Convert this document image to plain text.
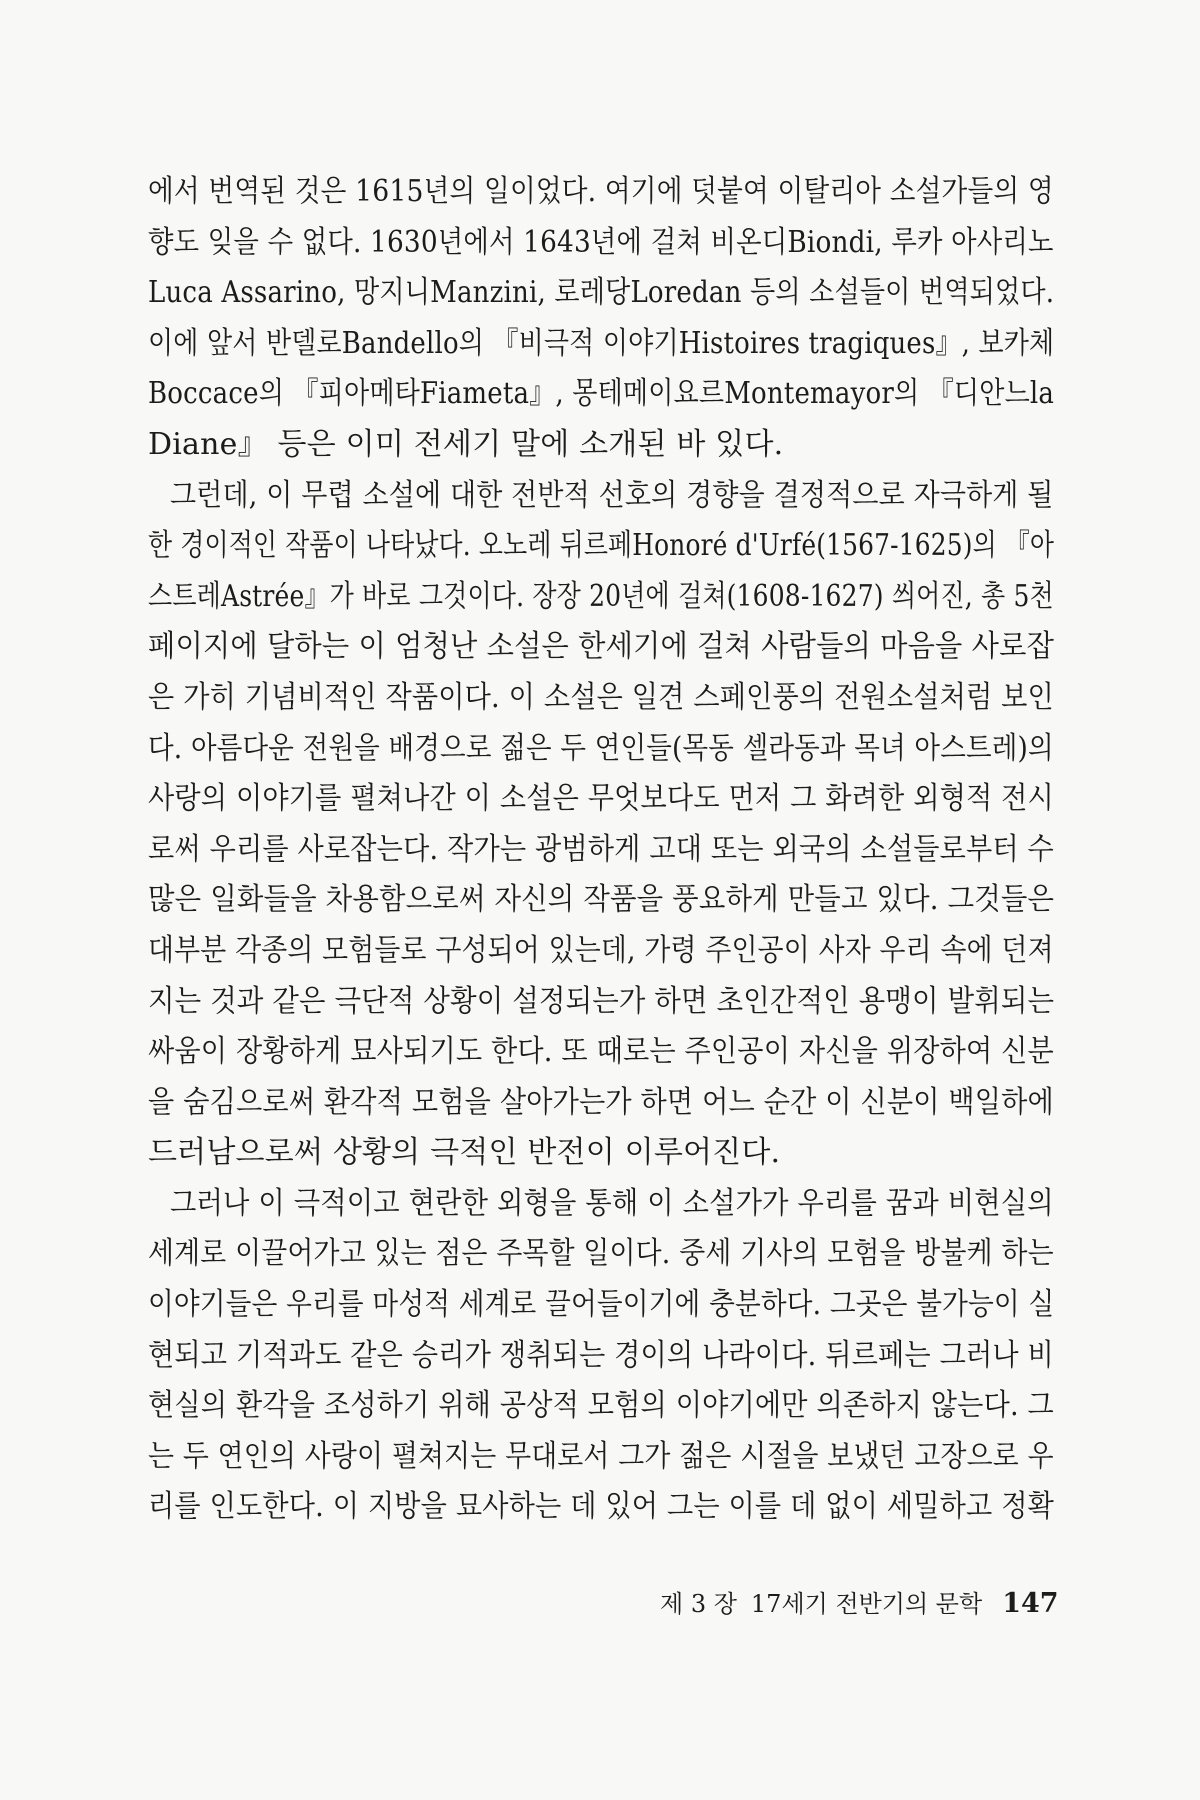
에서 번역된 것은 1615년의 일이었다. 여기에 덧붙여 이탈리아 소설가들의 영
향도 잊을 수 없다. 1630년에서 1643년에 걸쳐 비온디Biondi, 루카 아사리노
Luca Assarino, 망지니Manzini, 로레당Loredan 등의 소설들이 번역되었다.
이에 앞서 반델로Bandello의 『비극적 이야기Histoires tragiques』, 보카체
Boccace의 『피아메타Fiameta』, 몽테메이요르Montemayor의 『디안느la
Diane』 등은 이미 전세기 말에 소개된 바 있다.
그런데, 이 무렵 소설에 대한 전반적 선호의 경향을 결정적으로 자극하게 될
한 경이적인 작품이 나타났다. 오노레 뒤르페Honoré d'Urfé(1567-1625)의 『아
스트레Astrée』가 바로 그것이다. 장장 20년에 걸쳐(1608-1627) 씌어진, 총 5천
페이지에 달하는 이 엄청난 소설은 한세기에 걸쳐 사람들의 마음을 사로잡
은 가히 기념비적인 작품이다. 이 소설은 일견 스페인풍의 전원소설처럼 보인
다. 아름다운 전원을 배경으로 젊은 두 연인들(목동 셀라동과 목녀 아스트레)의
사랑의 이야기를 펼쳐나간 이 소설은 무엇보다도 먼저 그 화려한 외형적 전시
로써 우리를 사로잡는다. 작가는 광범하게 고대 또는 외국의 소설들로부터 수
많은 일화들을 차용함으로써 자신의 작품을 풍요하게 만들고 있다. 그것들은
대부분 각종의 모험들로 구성되어 있는데, 가령 주인공이 사자 우리 속에 던져
지는 것과 같은 극단적 상황이 설정되는가 하면 초인간적인 용맹이 발휘되는
싸움이 장황하게 묘사되기도 한다. 또 때로는 주인공이 자신을 위장하여 신분
을 숨김으로써 환각적 모험을 살아가는가 하면 어느 순간 이 신분이 백일하에
드러남으로써 상황의 극적인 반전이 이루어진다.
그러나 이 극적이고 현란한 외형을 통해 이 소설가가 우리를 꿈과 비현실의
세계로 이끌어가고 있는 점은 주목할 일이다. 중세 기사의 모험을 방불케 하는
이야기들은 우리를 마성적 세계로 끌어들이기에 충분하다. 그곳은 불가능이 실
현되고 기적과도 같은 승리가 쟁취되는 경이의 나라이다. 뒤르페는 그러나 비
현실의 환각을 조성하기 위해 공상적 모험의 이야기에만 의존하지 않는다. 그
는 두 연인의 사랑이 펼쳐지는 무대로서 그가 젊은 시절을 보냈던 고장으로 우
리를 인도한다. 이 지방을 묘사하는 데 있어 그는 이를 데 없이 세밀하고 정확
제 3 장 17세기 전반기의 문학 147
